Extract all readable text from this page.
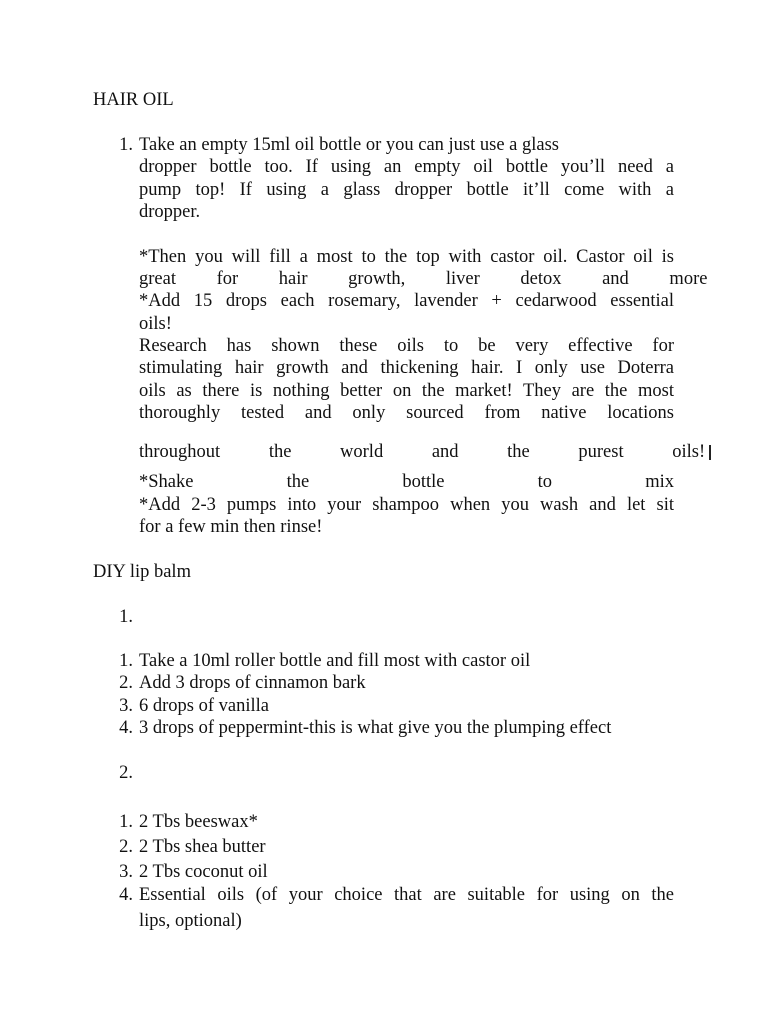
HAIR OIL
1. Take an empty 15ml oil bottle or you can just use a glass
dropper bottle too. If using an empty oil bottle you’ll need a
pump top! If using a glass dropper bottle it’ll come with a
dropper.
*Then you will fill a most to the top with castor oil. Castor oil is
great for hair growth, liver detox and more
*Add 15 drops each rosemary, lavender + cedarwood essential
oils!
Research has shown these oils to be very effective for
stimulating hair growth and thickening hair. I only use Doterra
oils as there is nothing better on the market! They are the most
thoroughly tested and only sourced from native locations
throughout the world and the purest oils!
*Shake the bottle to mix
*Add 2-3 pumps into your shampoo when you wash and let sit
for a few min then rinse!
DIY lip balm
1.
1. Take a 10ml roller bottle and fill most with castor oil
2. Add 3 drops of cinnamon bark
3. 6 drops of vanilla
4. 3 drops of peppermint-this is what give you the plumping effect
2.
1. 2 Tbs beeswax*
2. 2 Tbs shea butter
3. 2 Tbs coconut oil
4. Essential oils (of your choice that are suitable for using on the
lips, optional)
